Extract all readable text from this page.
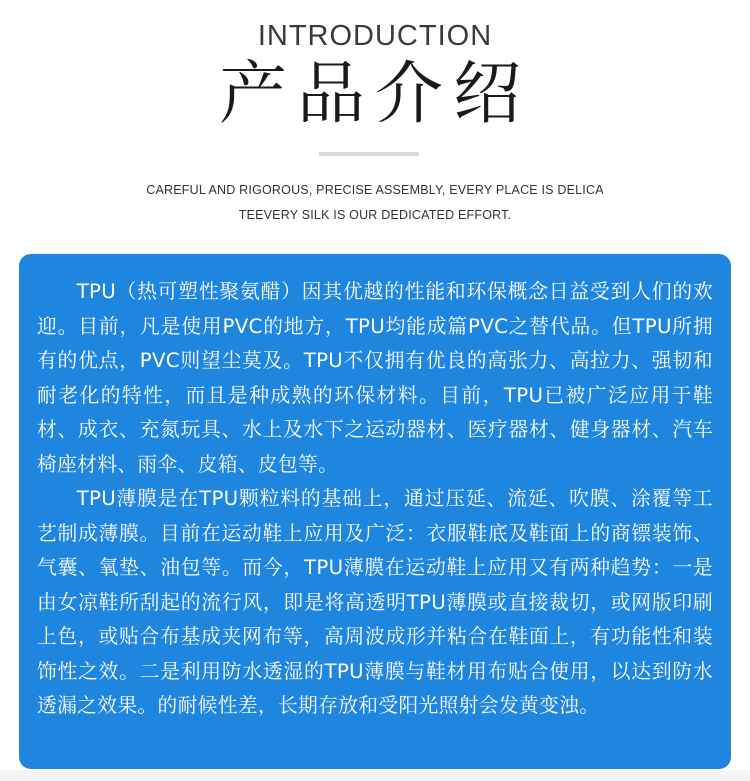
INTRODUCTION
产品介绍
CAREFUL AND RIGOROUS, PRECISE ASSEMBLY, EVERY PLACE IS DELICA
TEEVERY SILK IS OUR DEDICATED EFFORT.

TPU（热可塑性聚氨醋）因其优越的性能和环保概念日益受到人们的欢迎。目前，凡是使用PVC的地方，TPU均能成篇PVC之替代品。但TPU所拥有的优点，PVC则望尘莫及。TPU不仅拥有优良的高张力、高拉力、强韧和耐老化的特性，而且是种成熟的环保材料。目前，TPU已被广泛应用于鞋材、成衣、充氮玩具、水上及水下之运动器材、医疗器材、健身器材、汽车椅座材料、雨伞、皮箱、皮包等。

TPU薄膜是在TPU颗粒料的基础上，通过压延、流延、吹膜、涂覆等工艺制成薄膜。目前在运动鞋上应用及广泛：衣服鞋底及鞋面上的商镖装饰、气囊、氧垫、油包等。而今，TPU薄膜在运动鞋上应用又有两种趋势：一是由女凉鞋所刮起的流行风，即是将高透明TPU薄膜或直接裁切，或网版印刷上色，或贴合布基成夹网布等，高周波成形并粘合在鞋面上，有功能性和装饰性之效。二是利用防水透湿的TPU薄膜与鞋材用布贴合使用，以达到防水透漏之效果。的耐候性差，长期存放和受阳光照射会发黄变浊。
